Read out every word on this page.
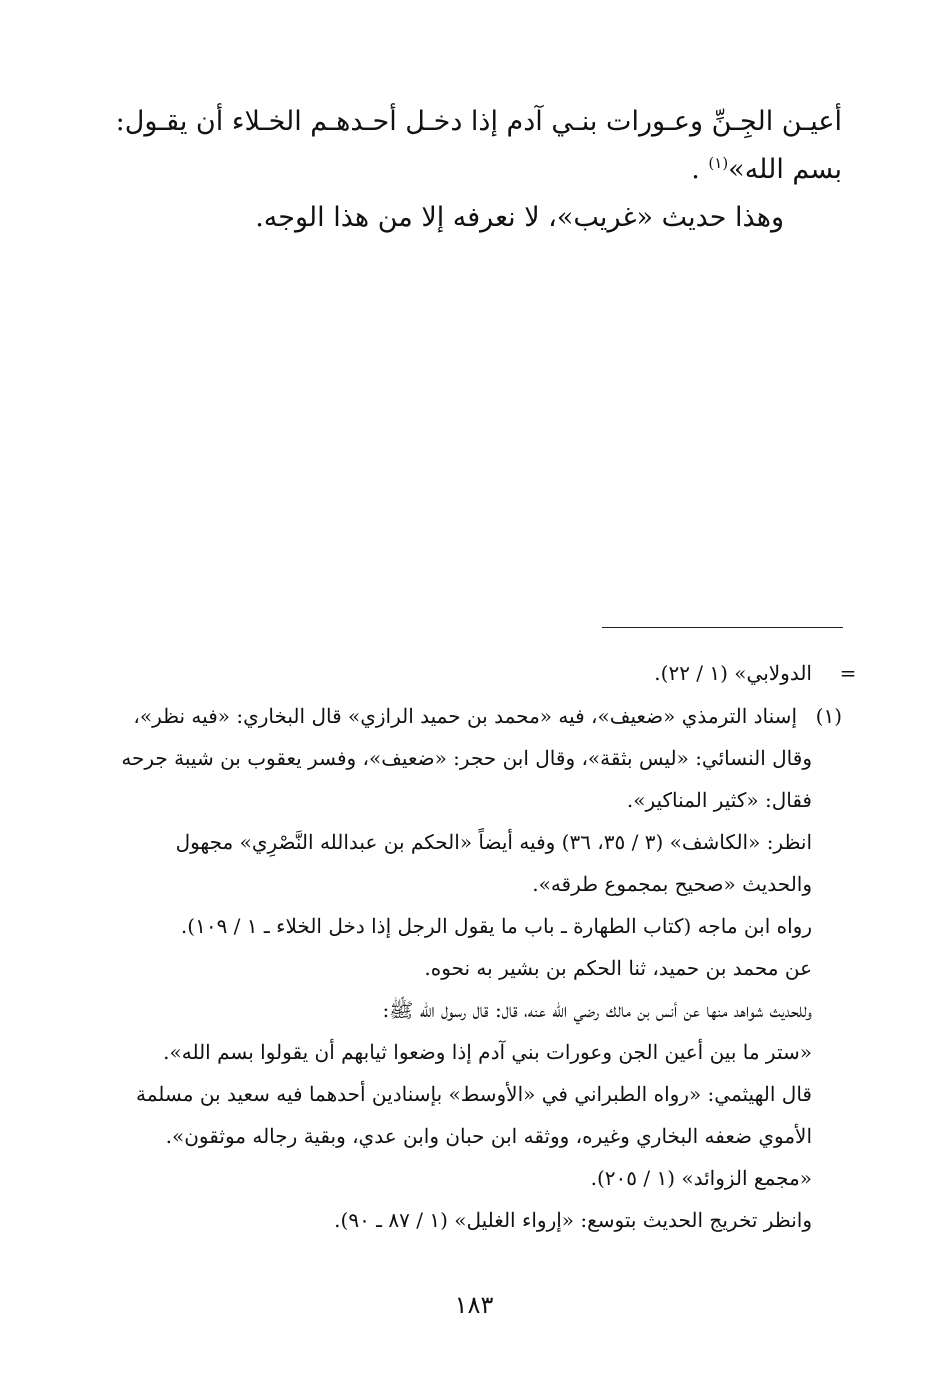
أعيـن الجِـنِّ وعـورات بنـي آدم إذا دخـل أحـدهـم الخـلاء أن يقـول:
بسم الله»$^{(١)}$ .
وهذا حديث «غريب»، لا نعرفه إلا من هذا الوجه.
=
الدولابي» (١ / ٢٢).
(١)
إسناد الترمذي «ضعيف»، فيه «محمد بن حميد الرازي» قال البخاري: «فيه نظر»،
وقال النسائي: «ليس بثقة»، وقال ابن حجر: «ضعيف»، وفسر يعقوب بن شيبة جرحه
فقال: «كثير المناكير».
انظر: «الكاشف» (٣ / ٣٥، ٣٦) وفيه أيضاً «الحكم بن عبدالله النَّصْرِي» مجهول
والحديث «صحيح بمجموع طرقه».
رواه ابن ماجه (كتاب الطهارة ـ باب ما يقول الرجل إذا دخل الخلاء ـ ١ / ١٠٩).
عن محمد بن حميد، ثنا الحكم بن بشير به نحوه.
وللحديث شواهد منها عن أنس بن مالك رضي الله عنه، قال: قال رسول الله ﷺ:
«ستر ما بين أعين الجن وعورات بني آدم إذا وضعوا ثيابهم أن يقولوا بسم الله».
قال الهيثمي: «رواه الطبراني في «الأوسط» بإسنادين أحدهما فيه سعيد بن مسلمة
الأموي ضعفه البخاري وغيره، ووثقه ابن حبان وابن عدي، وبقية رجاله موثقون».
«مجمع الزوائد» (١ / ٢٠٥).
وانظر تخريج الحديث بتوسع: «إرواء الغليل» (١ / ٨٧ ـ ٩٠).
١٨٣
